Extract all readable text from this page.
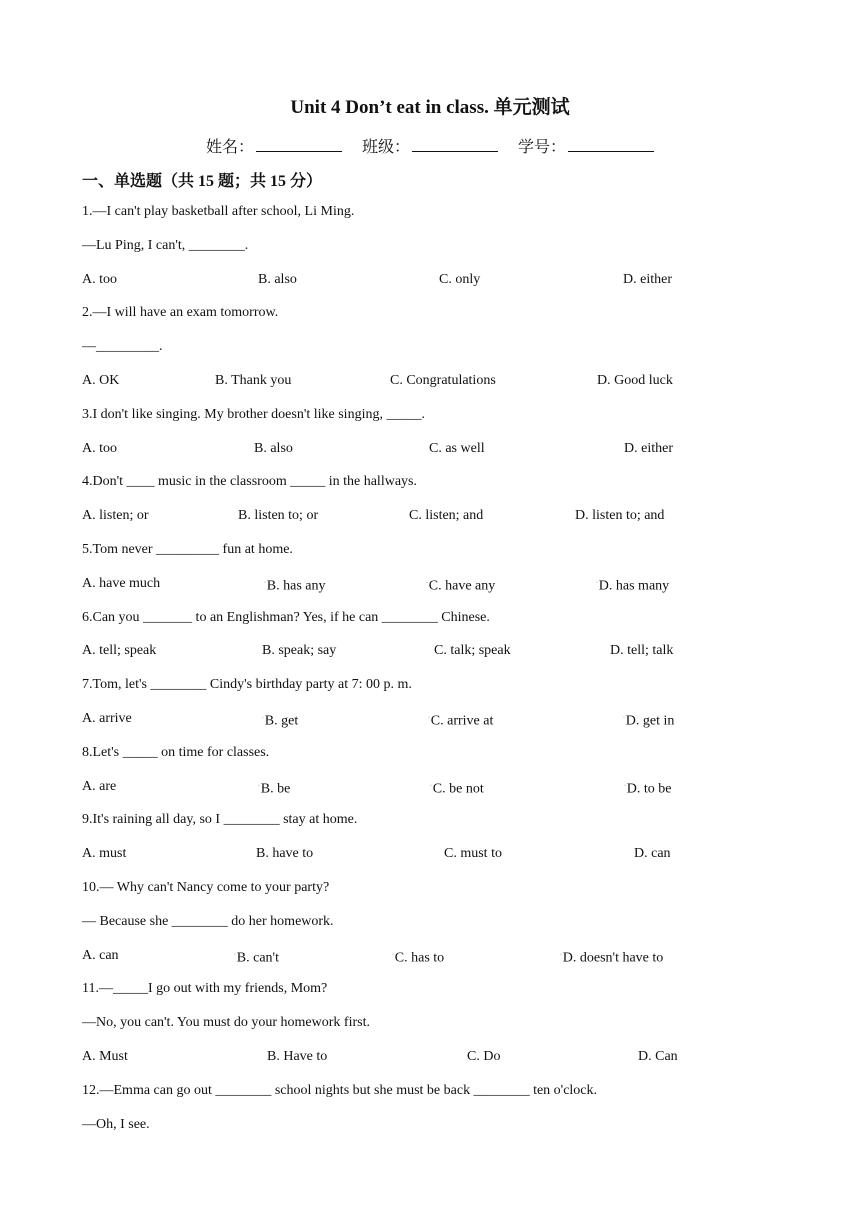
Unit 4 Don’t eat in class. 单元测试
姓名：	班级：	学号：
一、单选题（共 15 题；共 15 分）
1.—I can't play basketball after school, Li Ming.
—Lu Ping, I can't, ________.
A. too	B. also	C. only	D. either
2.—I will have an exam tomorrow.
—_________.
A. OK	B. Thank you	C. Congratulations	D. Good luck
3.I don't like singing. My brother doesn't like singing, _____.
A. too	B. also	C. as well	D. either
4.Don't ____ music in the classroom _____ in the hallways.
A. listen; or	B. listen to; or	C. listen; and	D. listen to; and
5.Tom never _________ fun at home.
A. have much	▫B. has any	▫C. have any	▫D. has many
6.Can you _______ to an Englishman? Yes, if he can ________ Chinese.
A. tell; speak	B. speak; say	C. talk; speak	D. tell; talk
7.Tom, let's ________ Cindy's birthday party at 7: 00 p. m.
A. arrive	▫B. get	▫C. arrive at	▫D. get in
8.Let's _____ on time for classes.
A. are	▫B. be	▫C. be not	▫D. to be
9.It's raining all day, so I ________ stay at home.
A. must	B. have to	C. must to	D. can
10.— Why can't Nancy come to your party?
— Because she ________ do her homework.
A. can	▫B. can't	▫C. has to	▫D. doesn't have to
11.—_____I go out with my friends, Mom?
—No, you can't. You must do your homework first.
A. Must	B. Have to	C. Do	D. Can
12.—Emma can go out ________ school nights but she must be back ________ ten o'clock.
—Oh, I see.
